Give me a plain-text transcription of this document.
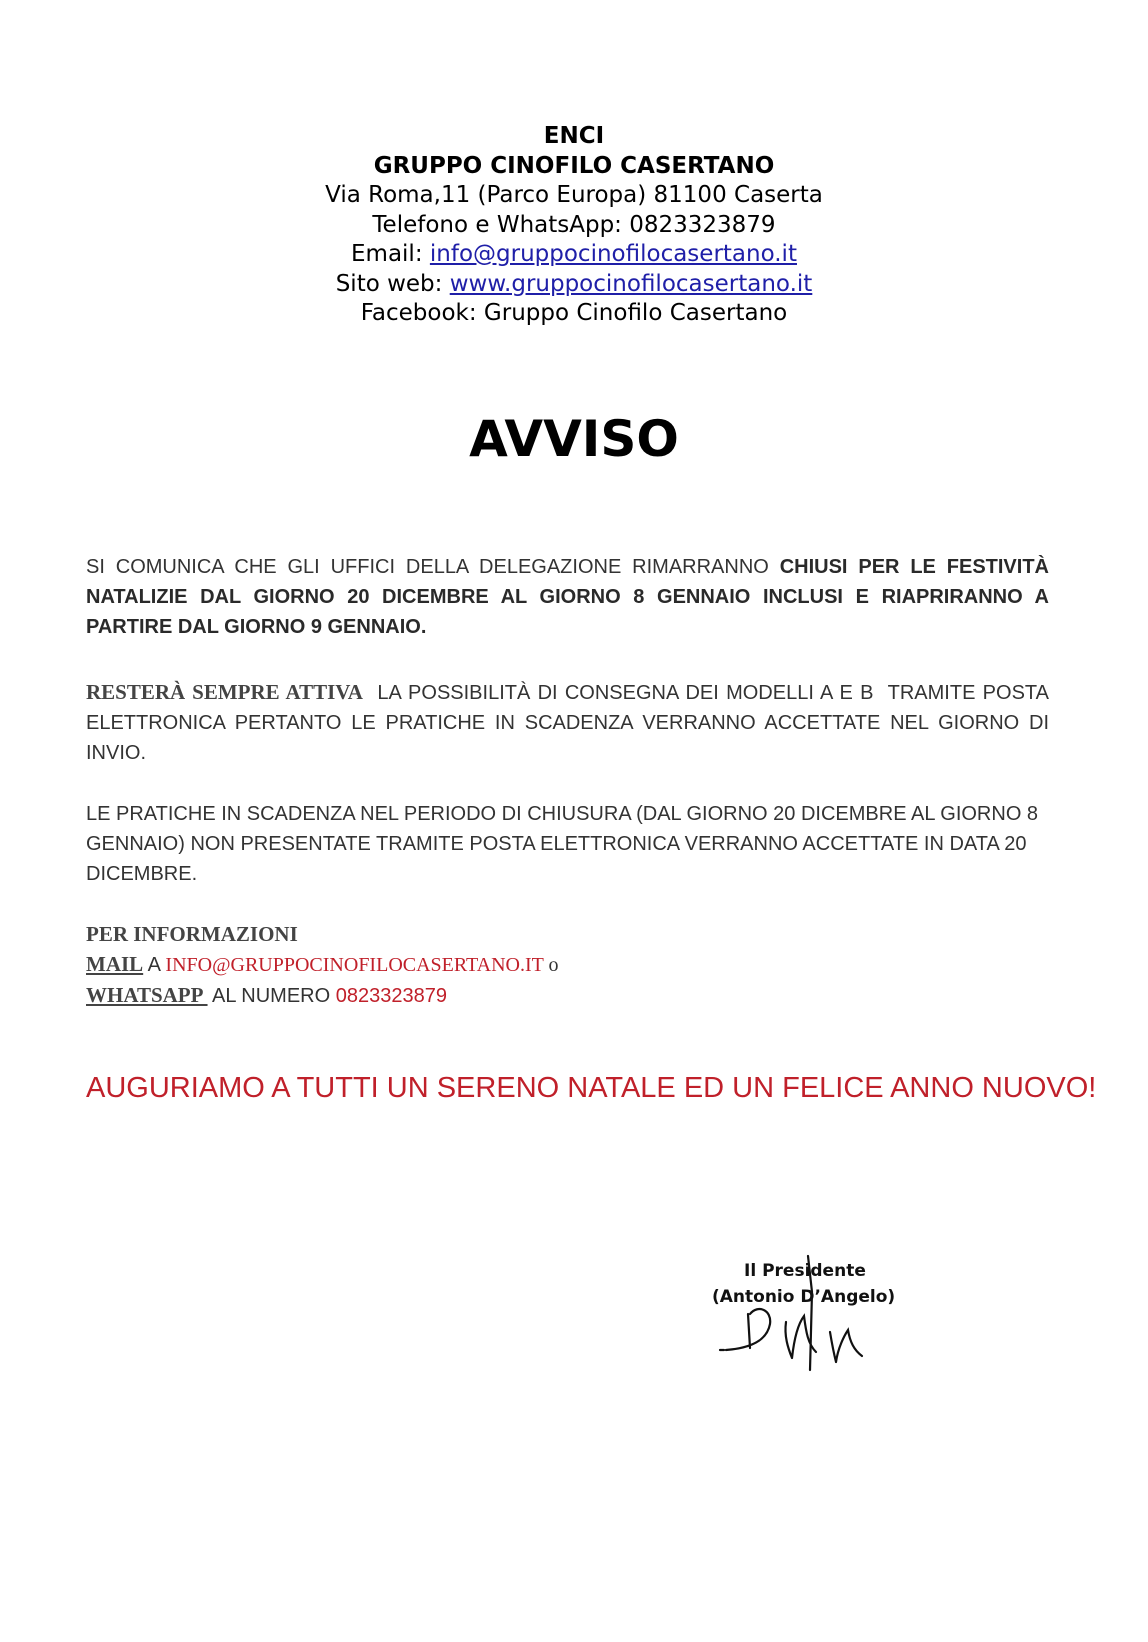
ENCI
GRUPPO CINOFILO CASERTANO
Via Roma,11 (Parco Europa) 81100 Caserta
Telefono e WhatsApp: 0823323879
Email: info@gruppocinofilocasertano.it
Sito web: www.gruppocinofilocasertano.it
Facebook: Gruppo Cinofilo Casertano
AVVISO
SI COMUNICA CHE GLI UFFICI DELLA DELEGAZIONE RIMARRANNO CHIUSI PER LE FESTIVITÀ NATALIZIE DAL GIORNO 20 DICEMBRE AL GIORNO 8 GENNAIO INCLUSI E RIAPRIRANNO A PARTIRE DAL GIORNO 9 GENNAIO.
RESTERÀ SEMPRE ATTIVA  LA POSSIBILITÀ DI CONSEGNA DEI MODELLI A E B  TRAMITE POSTA ELETTRONICA PERTANTO LE PRATICHE IN SCADENZA VERRANNO ACCETTATE NEL GIORNO DI INVIO.
LE PRATICHE IN SCADENZA NEL PERIODO DI CHIUSURA (DAL GIORNO 20 DICEMBRE AL GIORNO 8 GENNAIO) NON PRESENTATE TRAMITE POSTA ELETTRONICA VERRANNO ACCETTATE IN DATA 20 DICEMBRE.
PER INFORMAZIONI
MAIL A INFO@GRUPPOCINOFILOCASERTANO.IT o
WHATSAPP  AL NUMERO 0823323879
AUGURIAMO A TUTTI UN SERENO NATALE ED UN FELICE ANNO NUOVO!
Il Presidente
(Antonio D’Angelo)
